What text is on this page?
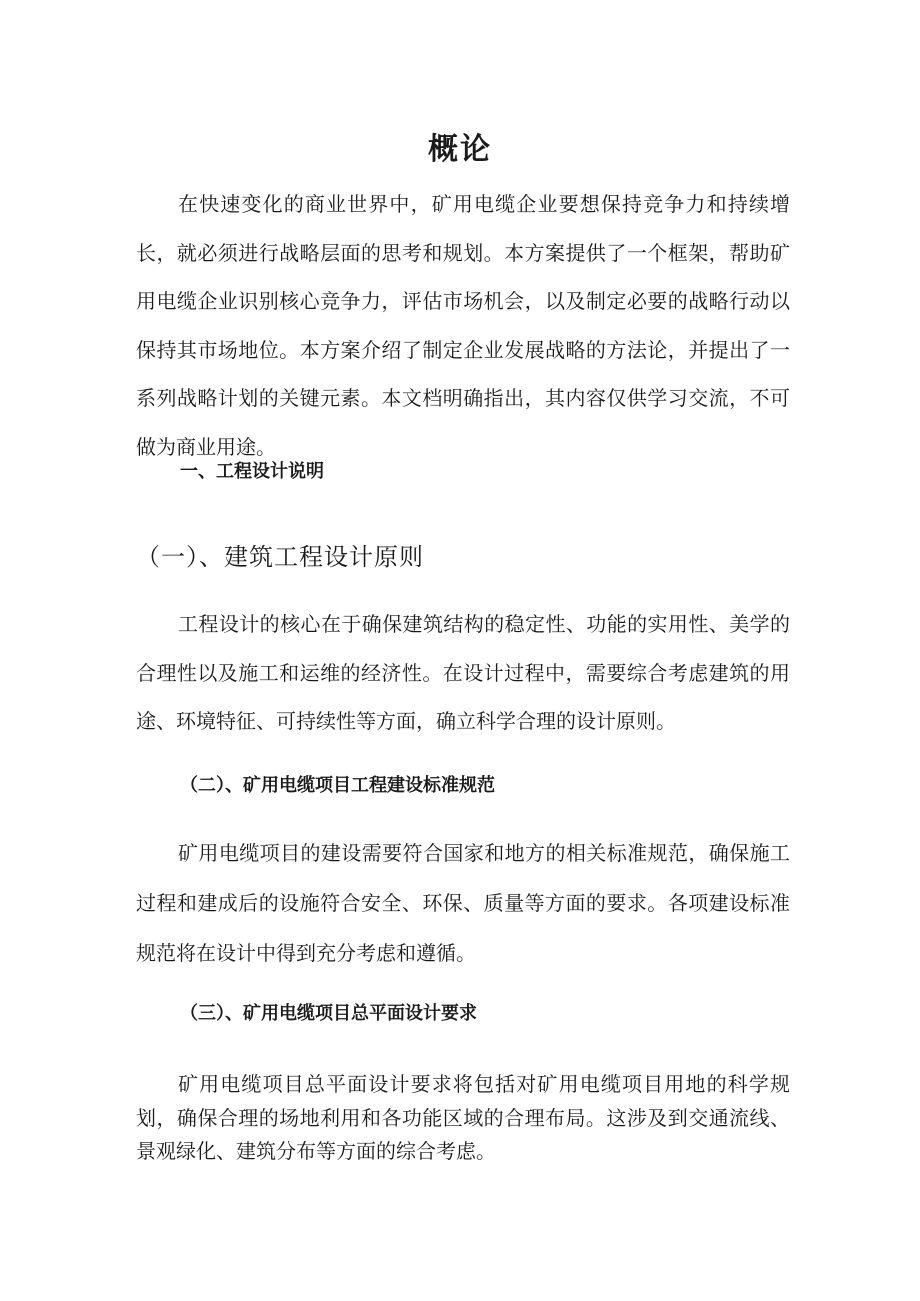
概论

在快速变化的商业世界中，矿用电缆企业要想保持竞争力和持续增长，就必须进行战略层面的思考和规划。本方案提供了一个框架，帮助矿用电缆企业识别核心竞争力，评估市场机会，以及制定必要的战略行动以保持其市场地位。本方案介绍了制定企业发展战略的方法论，并提出了一系列战略计划的关键元素。本文档明确指出，其内容仅供学习交流，不可做为商业用途。

一、工程设计说明
（一）、建筑工程设计原则

工程设计的核心在于确保建筑结构的稳定性、功能的实用性、美学的合理性以及施工和运维的经济性。在设计过程中，需要综合考虑建筑的用途、环境特征、可持续性等方面，确立科学合理的设计原则。

（二）、矿用电缆项目工程建设标准规范

矿用电缆项目的建设需要符合国家和地方的相关标准规范，确保施工过程和建成后的设施符合安全、环保、质量等方面的要求。各项建设标准规范将在设计中得到充分考虑和遵循。

（三）、矿用电缆项目总平面设计要求

矿用电缆项目总平面设计要求将包括对矿用电缆项目用地的科学规划，确保合理的场地利用和各功能区域的合理布局。这涉及到交通流线、景观绿化、建筑分布等方面的综合考虑。
